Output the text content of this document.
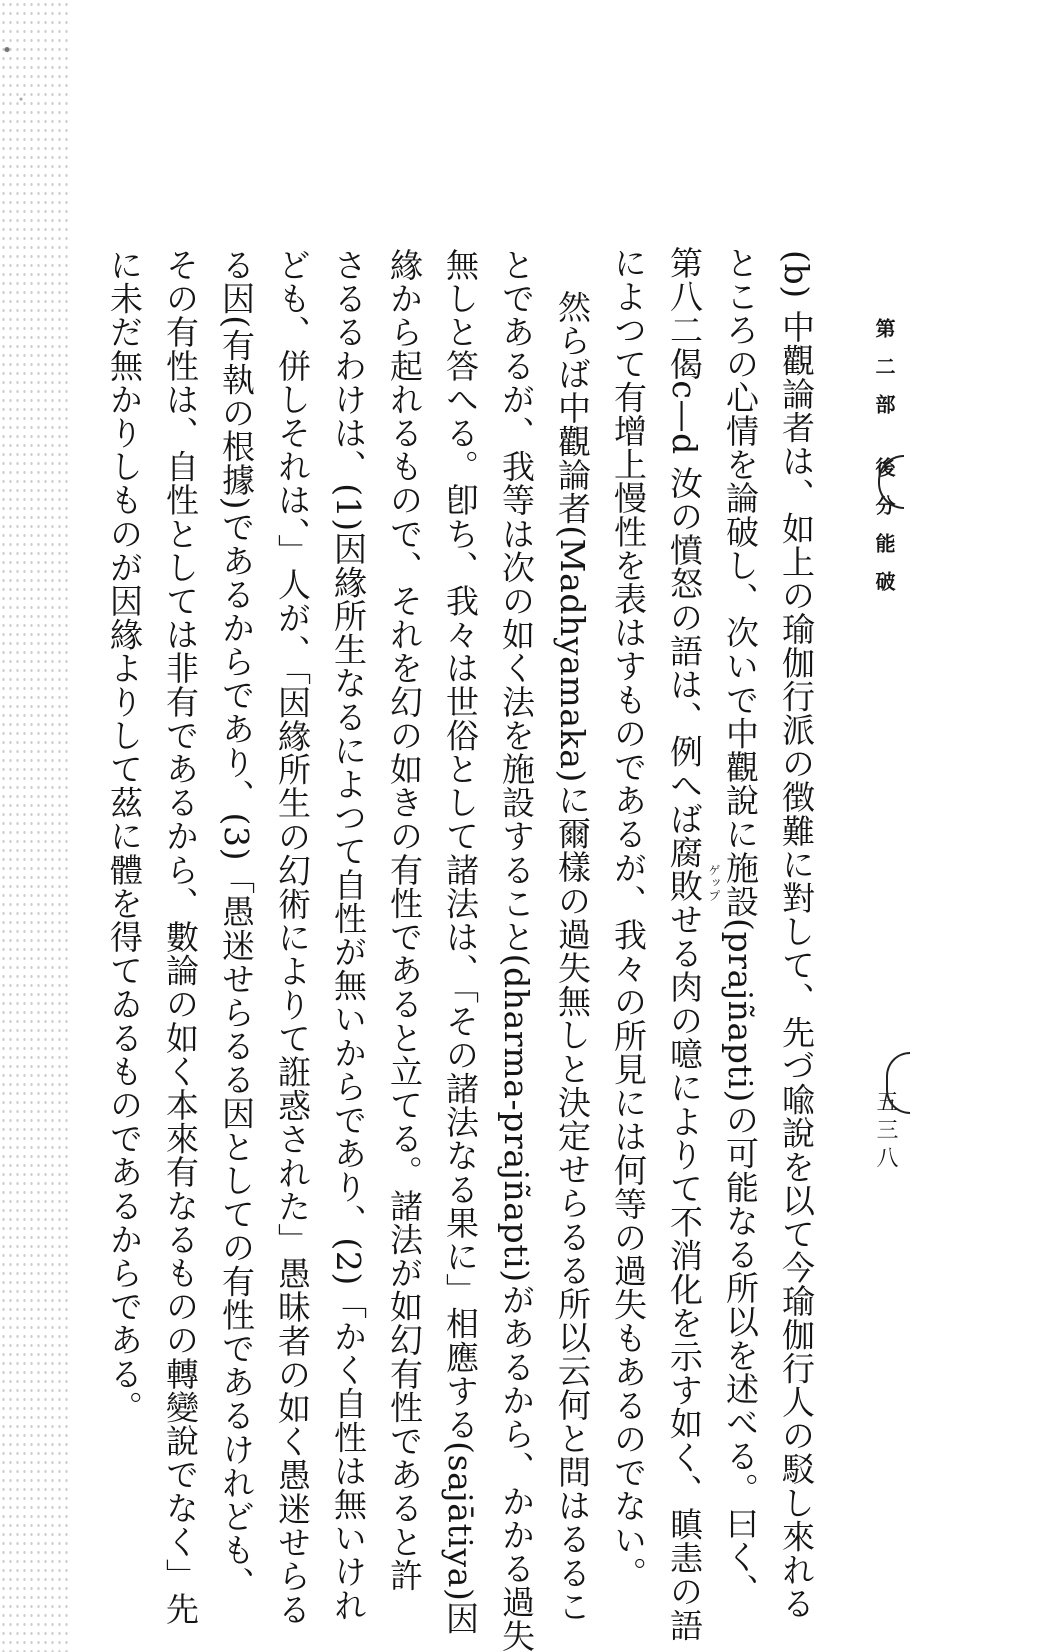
第二部 後分能破
五三八
(b) 中觀論者は、如上の瑜伽行派の徴難に對して、先づ喩說を以て今瑜伽行人の駁し來れる
ところの心情を論破し、次いで中觀說に施設(prajñapti)の可能なる所以を述べる。曰く、
第八二偈c—d 汝の憤怒の語は、例へば腐敗せる肉の噫によりて不消化を示す如く、瞋恚の語
によつて有增上慢性を表はすものであるが、我々の所見には何等の過失もあるのでない。
然らば中觀論者(Madhyamaka)に爾樣の過失無しと決定せらるる所以云何と問はるるこ
とであるが、我等は次の如く法を施設すること(dharma-prajñapti)があるから、かかる過失
無しと答へる。卽ち、我々は世俗として諸法は、「その諸法なる果に」相應する(sajātiya)因
緣から起れるもので、それを幻の如きの有性であると立てる。諸法が如幻有性であると許
さるるわけは、(1)因緣所生なるによつて自性が無いからであり、(2)「かく自性は無いけれ
ども、併しそれは、」人が、「因緣所生の幻術によりて誑惑された」愚昧者の如く愚迷せらる
る因(有執の根據)であるからであり、(3)「愚迷せらるる因としての有性であるけれども、
その有性は、自性としては非有であるから、數論の如く本來有なるものの轉變說でなく」先
に未だ無かりしものが因緣よりして茲に體を得てゐるものであるからである。	ゲップ
